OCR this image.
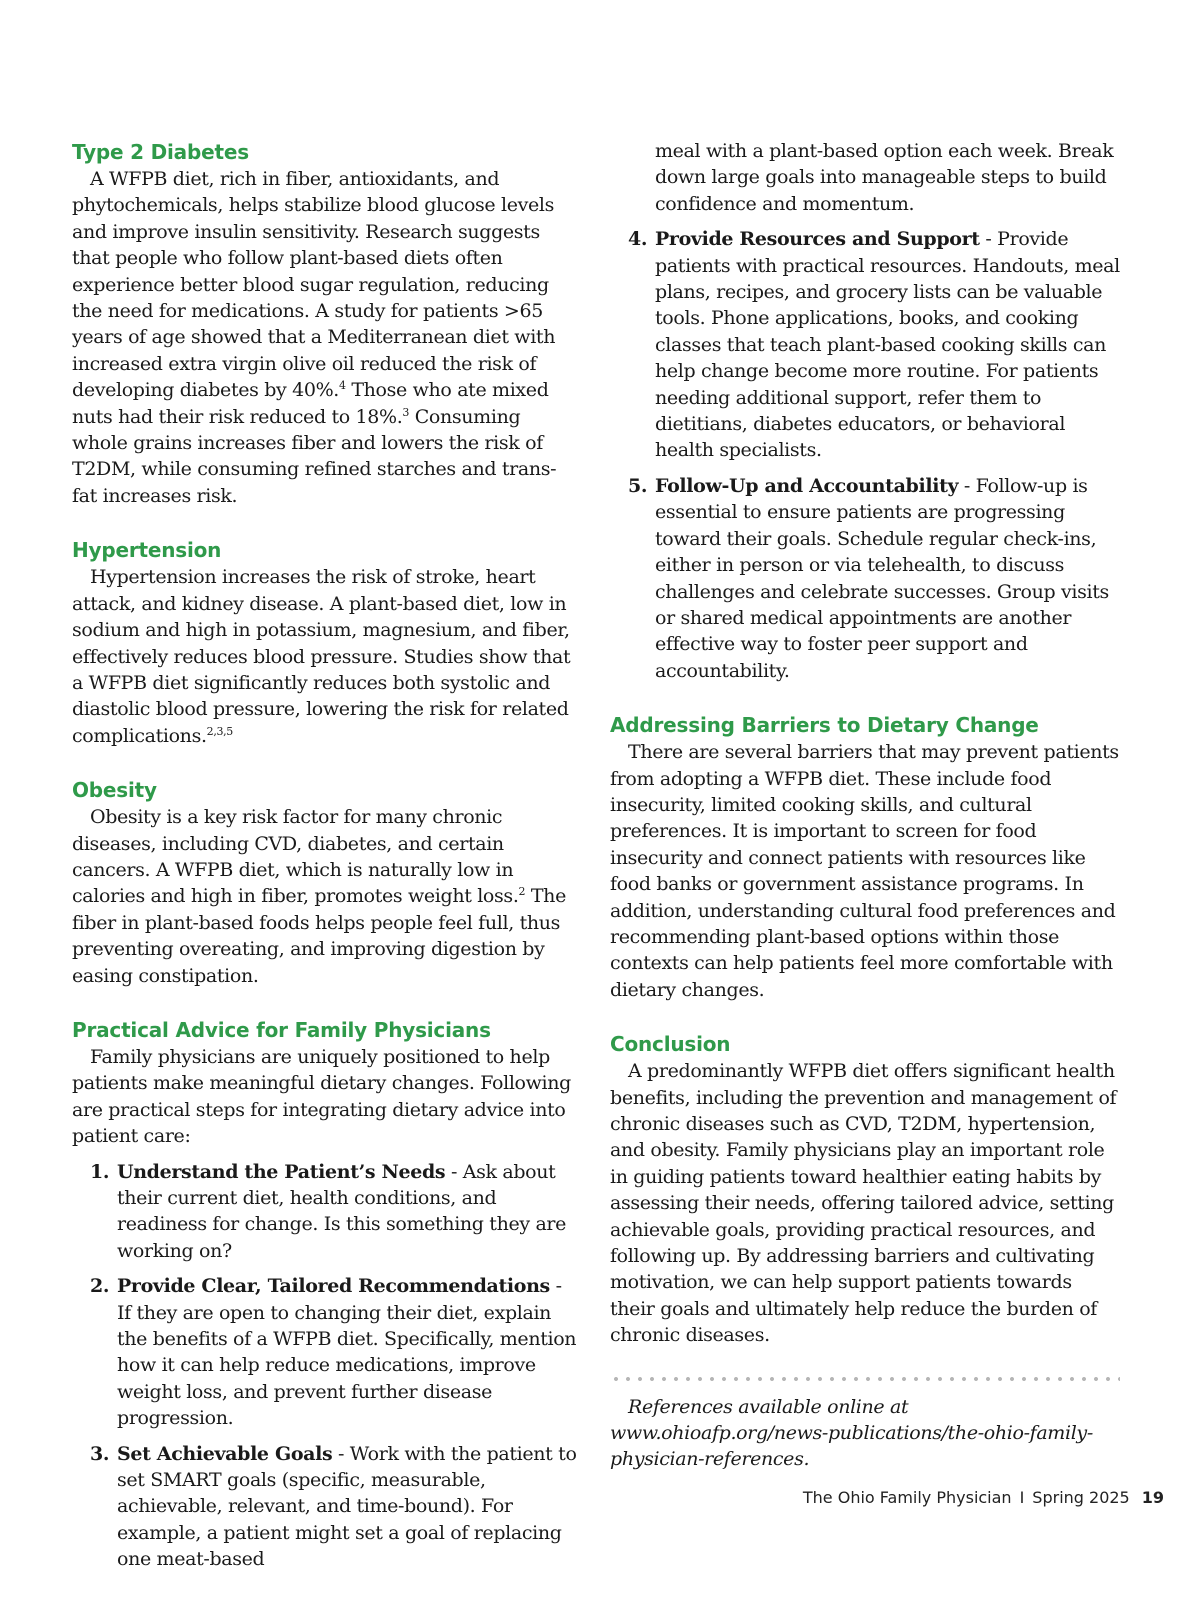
Type 2 Diabetes

A WFPB diet, rich in fiber, antioxidants, and phytochemicals, helps stabilize blood glucose levels and improve insulin sensitivity. Research suggests that people who follow plant-based diets often experience better blood sugar regulation, reducing the need for medications. A study for patients >65 years of age showed that a Mediterranean diet with increased extra virgin olive oil reduced the risk of developing diabetes by 40%.$^4$ Those who ate mixed nuts had their risk reduced to 18%.$^3$ Consuming whole grains increases fiber and lowers the risk of T2DM, while consuming refined starches and trans-fat increases risk.

Hypertension

Hypertension increases the risk of stroke, heart attack, and kidney disease. A plant-based diet, low in sodium and high in potassium, magnesium, and fiber, effectively reduces blood pressure. Studies show that a WFPB diet significantly reduces both systolic and diastolic blood pressure, lowering the risk for related complications.$^{2,3,5}$

Obesity

Obesity is a key risk factor for many chronic diseases, including CVD, diabetes, and certain cancers. A WFPB diet, which is naturally low in calories and high in fiber, promotes weight loss.$^2$ The fiber in plant-based foods helps people feel full, thus preventing overeating, and improving digestion by easing constipation.

Practical Advice for Family Physicians

Family physicians are uniquely positioned to help patients make meaningful dietary changes. Following are practical steps for integrating dietary advice into patient care:

1. Understand the Patient’s Needs - Ask about their current diet, health conditions, and readiness for change. Is this something they are working on?
2. Provide Clear, Tailored Recommendations - If they are open to changing their diet, explain the benefits of a WFPB diet. Specifically, mention how it can help reduce medications, improve weight loss, and prevent further disease progression.
3. Set Achievable Goals - Work with the patient to set SMART goals (specific, measurable, achievable, relevant, and time-bound). For example, a patient might set a goal of replacing one meat-based
meal with a plant-based option each week. Break down large goals into manageable steps to build confidence and momentum.
4. Provide Resources and Support - Provide patients with practical resources. Handouts, meal plans, recipes, and grocery lists can be valuable tools. Phone applications, books, and cooking classes that teach plant-based cooking skills can help change become more routine. For patients needing additional support, refer them to dietitians, diabetes educators, or behavioral health specialists.
5. Follow-Up and Accountability - Follow-up is essential to ensure patients are progressing toward their goals. Schedule regular check-ins, either in person or via telehealth, to discuss challenges and celebrate successes. Group visits or shared medical appointments are another effective way to foster peer support and accountability.
Addressing Barriers to Dietary Change

There are several barriers that may prevent patients from adopting a WFPB diet. These include food insecurity, limited cooking skills, and cultural preferences. It is important to screen for food insecurity and connect patients with resources like food banks or government assistance programs. In addition, understanding cultural food preferences and recommending plant-based options within those contexts can help patients feel more comfortable with dietary changes.

Conclusion

A predominantly WFPB diet offers significant health benefits, including the prevention and management of chronic diseases such as CVD, T2DM, hypertension, and obesity. Family physicians play an important role in guiding patients toward healthier eating habits by assessing their needs, offering tailored advice, setting achievable goals, providing practical resources, and following up. By addressing barriers and cultivating motivation, we can help support patients towards their goals and ultimately help reduce the burden of chronic diseases.

References available online at www.ohioafp.org/news-publications/the-ohio-family-physician-references.

The Ohio Family Physician I Spring 2025 19
